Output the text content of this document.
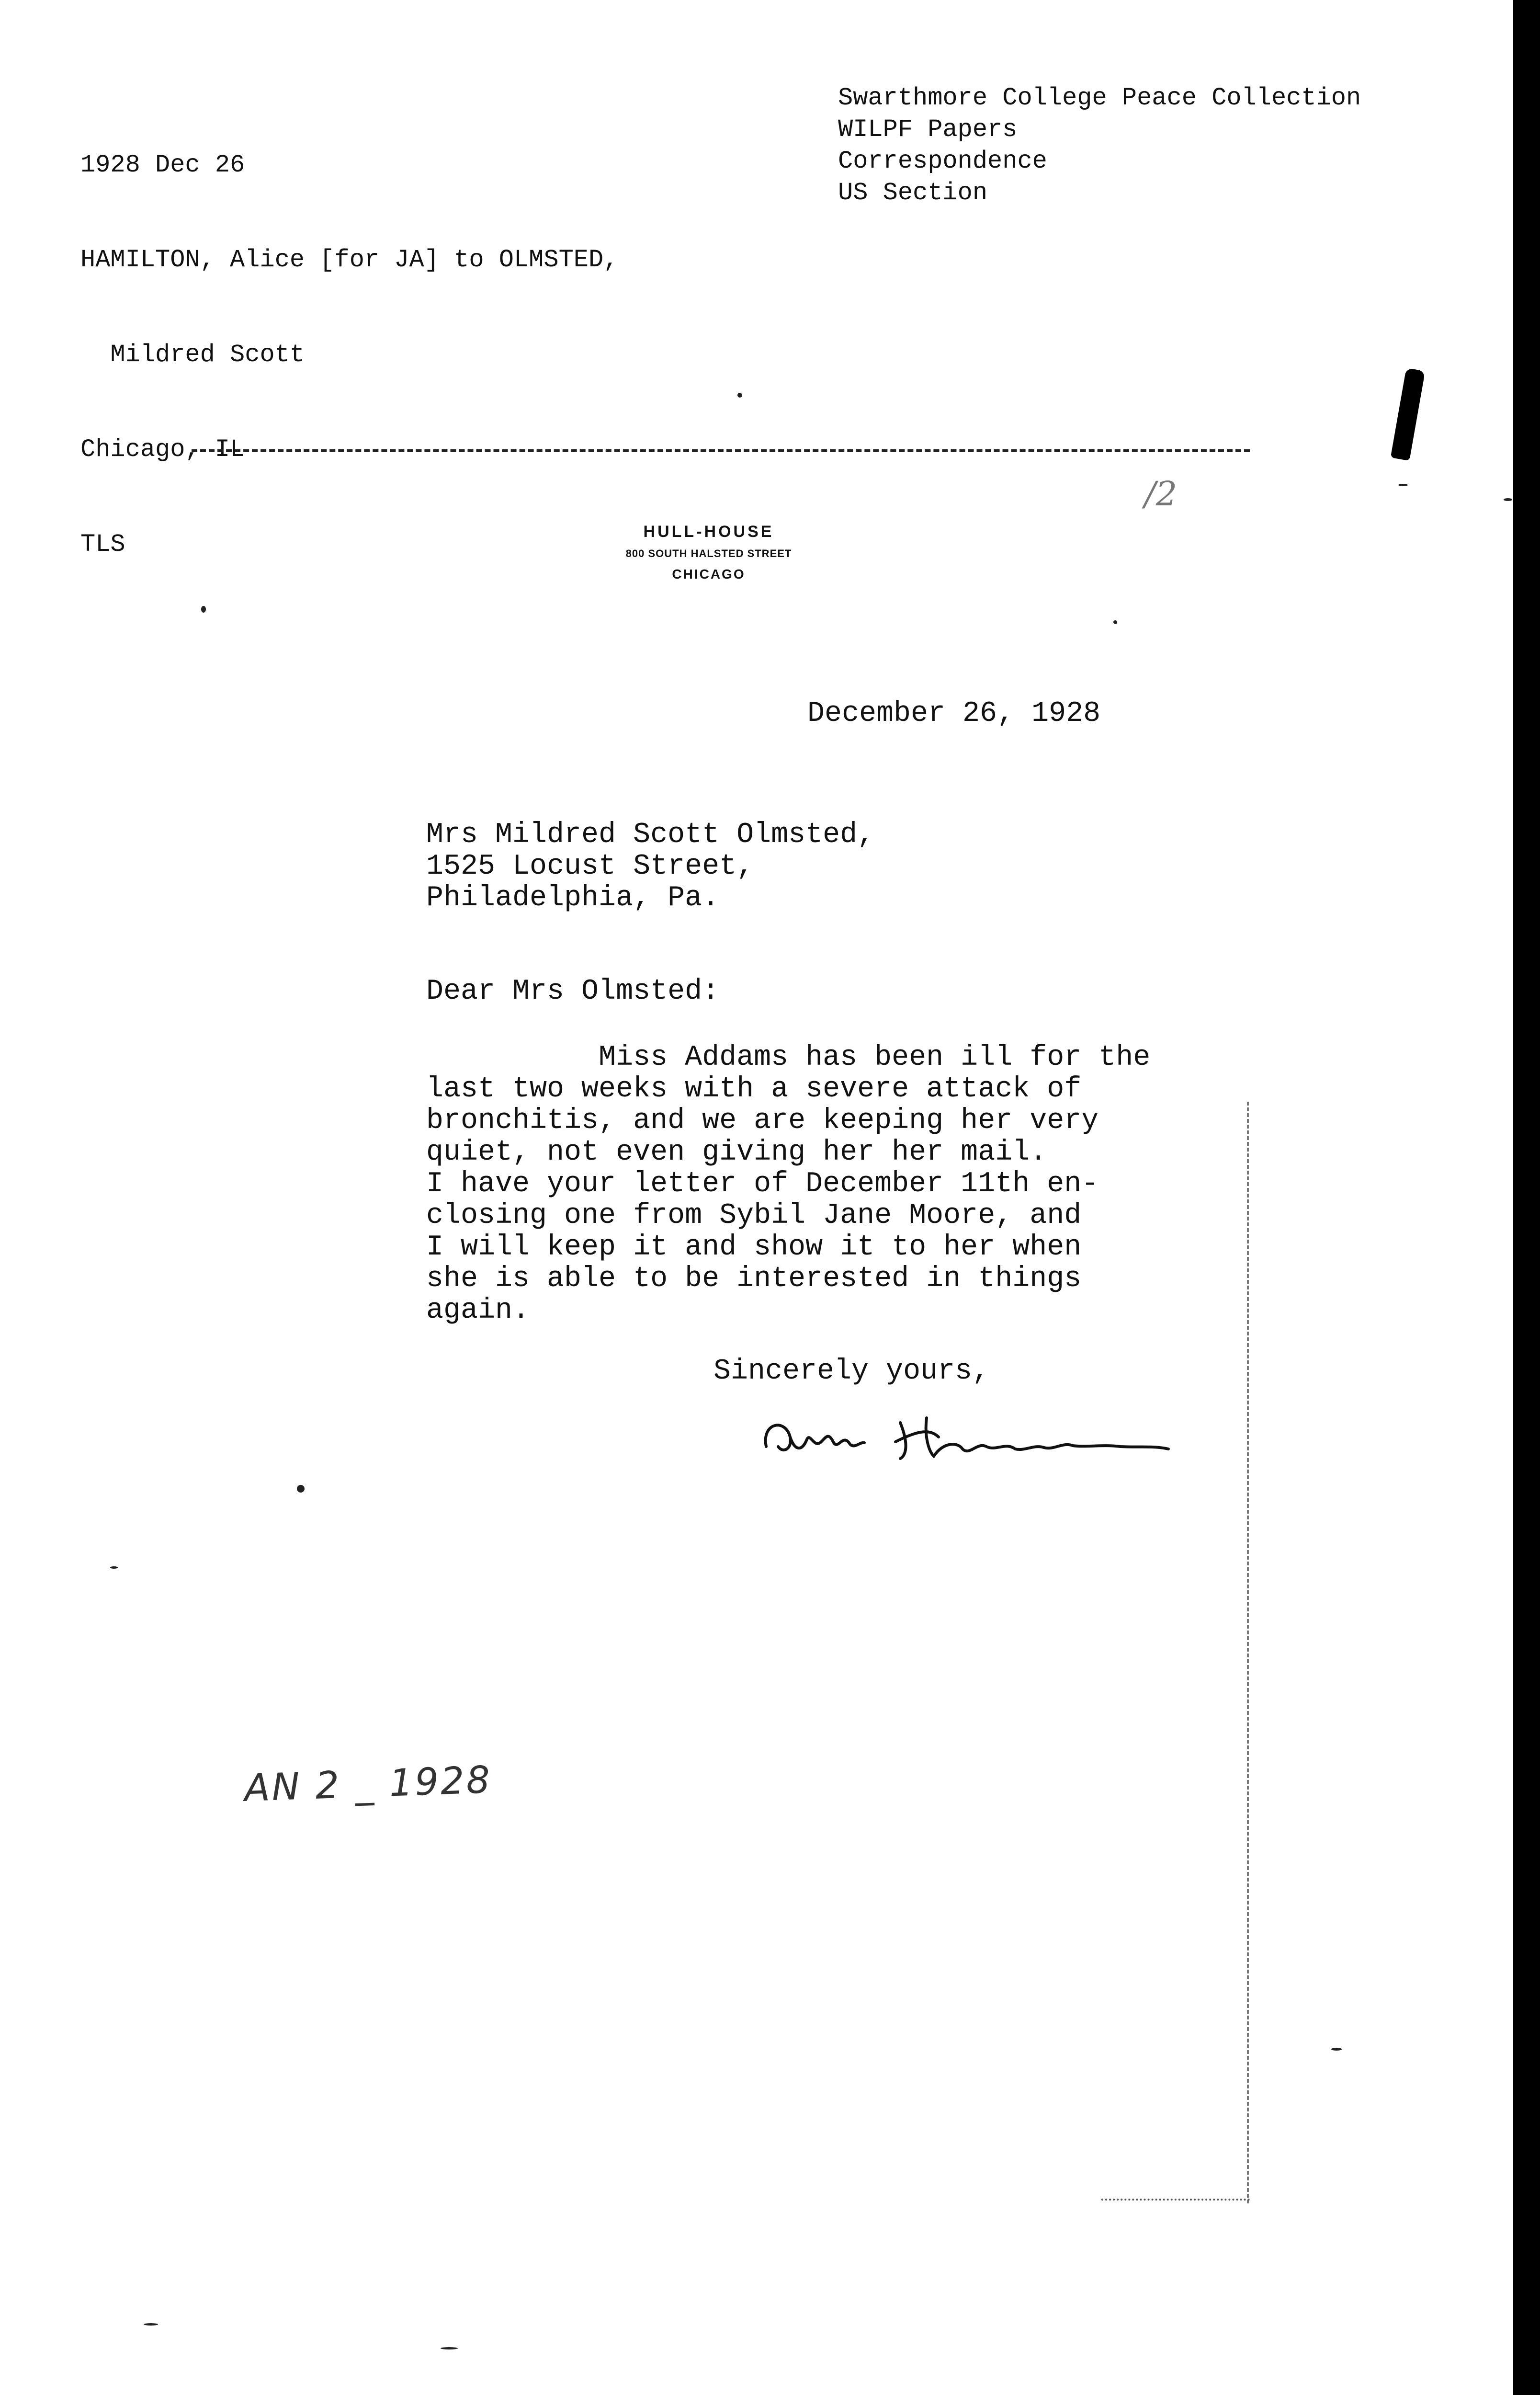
1928 Dec 26

HAMILTON, Alice [for JA] to OLMSTED,

Mildred Scott

Chicago, IL

TLS

Swarthmore College Peace Collection
WILPF Papers
Correspondence
US Section
/2
HULL-HOUSE
800 SOUTH HALSTED STREET
CHICAGO
December 26, 1928
Mrs Mildred Scott Olmsted,
1525 Locust Street,
Philadelphia, Pa.
Dear Mrs Olmsted:
Miss Addams has been ill for the
last two weeks with a severe attack of
bronchitis, and we are keeping her very
quiet, not even giving her her mail.
I have your letter of December 11th en-
closing one from Sybil Jane Moore, and
I will keep it and show it to her when
she is able to be interested in things
again.
Sincerely yours,
AN 2 _ 1928
